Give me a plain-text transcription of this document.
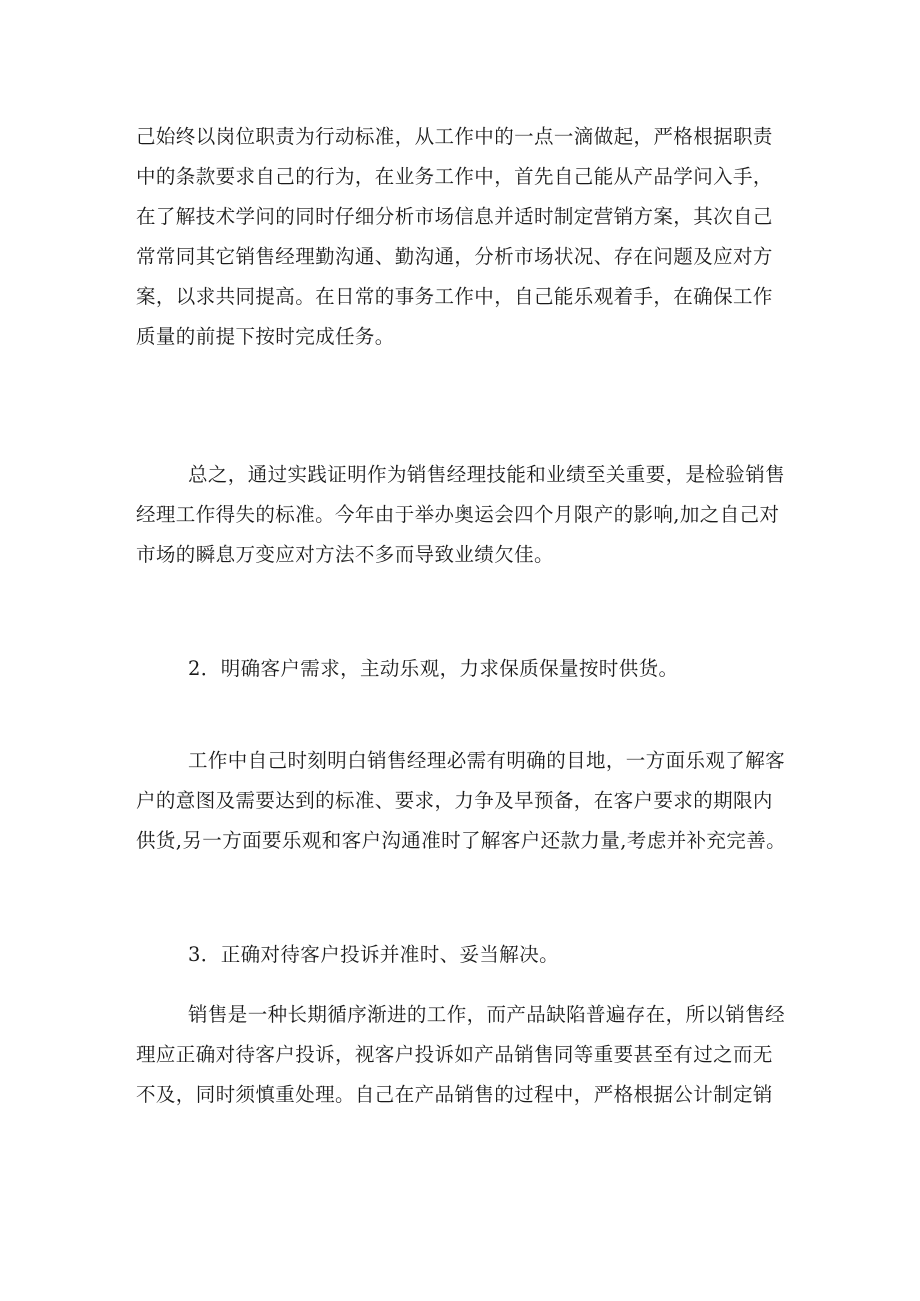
己始终以岗位职责为行动标准，从工作中的一点一滴做起，严格根据职责
中的条款要求自己的行为，在业务工作中，首先自己能从产品学问入手，
在了解技术学问的同时仔细分析市场信息并适时制定营销方案，其次自己
常常同其它销售经理勤沟通、勤沟通，分析市场状况、存在问题及应对方
案，以求共同提高。在日常的事务工作中，自己能乐观着手，在确保工作
质量的前提下按时完成任务。
总之，通过实践证明作为销售经理技能和业绩至关重要，是检验销售
经理工作得失的标准。今年由于举办奥运会四个月限产的影响,加之自己对
市场的瞬息万变应对方法不多而导致业绩欠佳。
2．明确客户需求，主动乐观，力求保质保量按时供货。
工作中自己时刻明白销售经理必需有明确的目地，一方面乐观了解客
户的意图及需要达到的标准、要求，力争及早预备，在客户要求的期限内
供货,另一方面要乐观和客户沟通准时了解客户还款力量,考虑并补充完善。
3．正确对待客户投诉并准时、妥当解决。
销售是一种长期循序渐进的工作，而产品缺陷普遍存在，所以销售经
理应正确对待客户投诉，视客户投诉如产品销售同等重要甚至有过之而无
不及，同时须慎重处理。自己在产品销售的过程中，严格根据公计制定销
